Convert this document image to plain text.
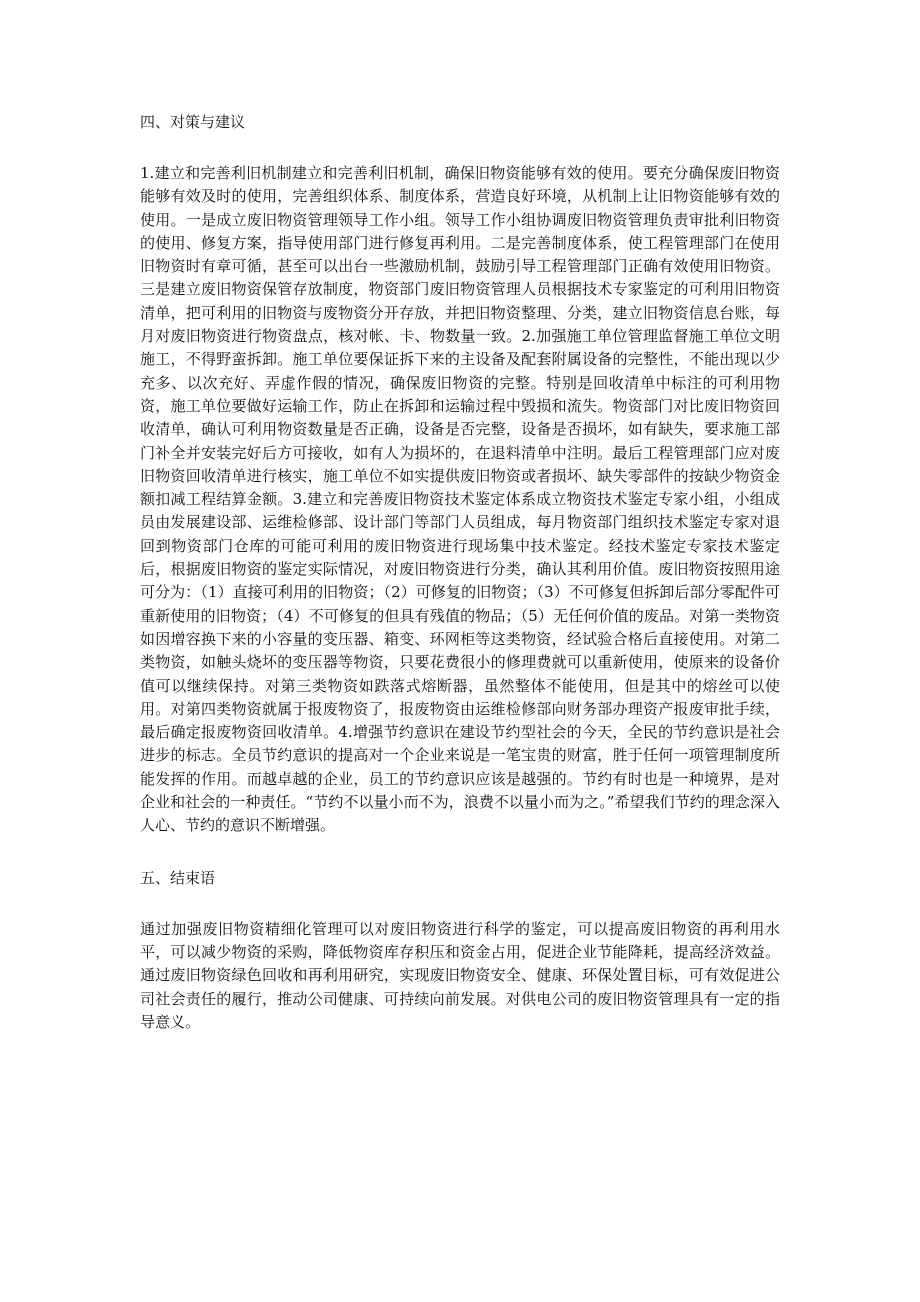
四、对策与建议

1.建立和完善利旧机制建立和完善利旧机制，确保旧物资能够有效的使用。要充分确保废旧物资能够有效及时的使用，完善组织体系、制度体系，营造良好环境，从机制上让旧物资能够有效的使用。一是成立废旧物资管理领导工作小组。领导工作小组协调废旧物资管理负责审批利旧物资的使用、修复方案，指导使用部门进行修复再利用。二是完善制度体系，使工程管理部门在使用旧物资时有章可循，甚至可以出台一些激励机制，鼓励引导工程管理部门正确有效使用旧物资。三是建立废旧物资保管存放制度，物资部门废旧物资管理人员根据技术专家鉴定的可利用旧物资清单，把可利用的旧物资与废物资分开存放，并把旧物资整理、分类，建立旧物资信息台账，每月对废旧物资进行物资盘点，核对帐、卡、物数量一致。2.加强施工单位管理监督施工单位文明施工，不得野蛮拆卸。施工单位要保证拆下来的主设备及配套附属设备的完整性，不能出现以少充多、以次充好、弄虚作假的情况，确保废旧物资的完整。特别是回收清单中标注的可利用物资，施工单位要做好运输工作，防止在拆卸和运输过程中毁损和流失。物资部门对比废旧物资回收清单，确认可利用物资数量是否正确，设备是否完整，设备是否损坏，如有缺失，要求施工部门补全并安装完好后方可接收，如有人为损坏的，在退料清单中注明。最后工程管理部门应对废旧物资回收清单进行核实，施工单位不如实提供废旧物资或者损坏、缺失零部件的按缺少物资金额扣减工程结算金额。3.建立和完善废旧物资技术鉴定体系成立物资技术鉴定专家小组，小组成员由发展建设部、运维检修部、设计部门等部门人员组成，每月物资部门组织技术鉴定专家对退回到物资部门仓库的可能可利用的废旧物资进行现场集中技术鉴定。经技术鉴定专家技术鉴定后，根据废旧物资的鉴定实际情况，对废旧物资进行分类，确认其利用价值。废旧物资按照用途可分为：（1）直接可利用的旧物资；（2）可修复的旧物资；（3）不可修复但拆卸后部分零配件可重新使用的旧物资；（4）不可修复的但具有残值的物品；（5）无任何价值的废品。对第一类物资如因增容换下来的小容量的变压器、箱变、环网柜等这类物资，经试验合格后直接使用。对第二类物资，如触头烧坏的变压器等物资，只要花费很小的修理费就可以重新使用，使原来的设备价值可以继续保持。对第三类物资如跌落式熔断器，虽然整体不能使用，但是其中的熔丝可以使用。对第四类物资就属于报废物资了，报废物资由运维检修部向财务部办理资产报废审批手续，最后确定报废物资回收清单。4.增强节约意识在建设节约型社会的今天，全民的节约意识是社会进步的标志。全员节约意识的提高对一个企业来说是一笔宝贵的财富，胜于任何一项管理制度所能发挥的作用。而越卓越的企业，员工的节约意识应该是越强的。节约有时也是一种境界，是对企业和社会的一种责任。“节约不以量小而不为，浪费不以量小而为之。”希望我们节约的理念深入人心、节约的意识不断增强。

五、结束语

通过加强废旧物资精细化管理可以对废旧物资进行科学的鉴定，可以提高废旧物资的再利用水平，可以减少物资的采购，降低物资库存积压和资金占用，促进企业节能降耗，提高经济效益。通过废旧物资绿色回收和再利用研究，实现废旧物资安全、健康、环保处置目标，可有效促进公司社会责任的履行，推动公司健康、可持续向前发展。对供电公司的废旧物资管理具有一定的指导意义。
